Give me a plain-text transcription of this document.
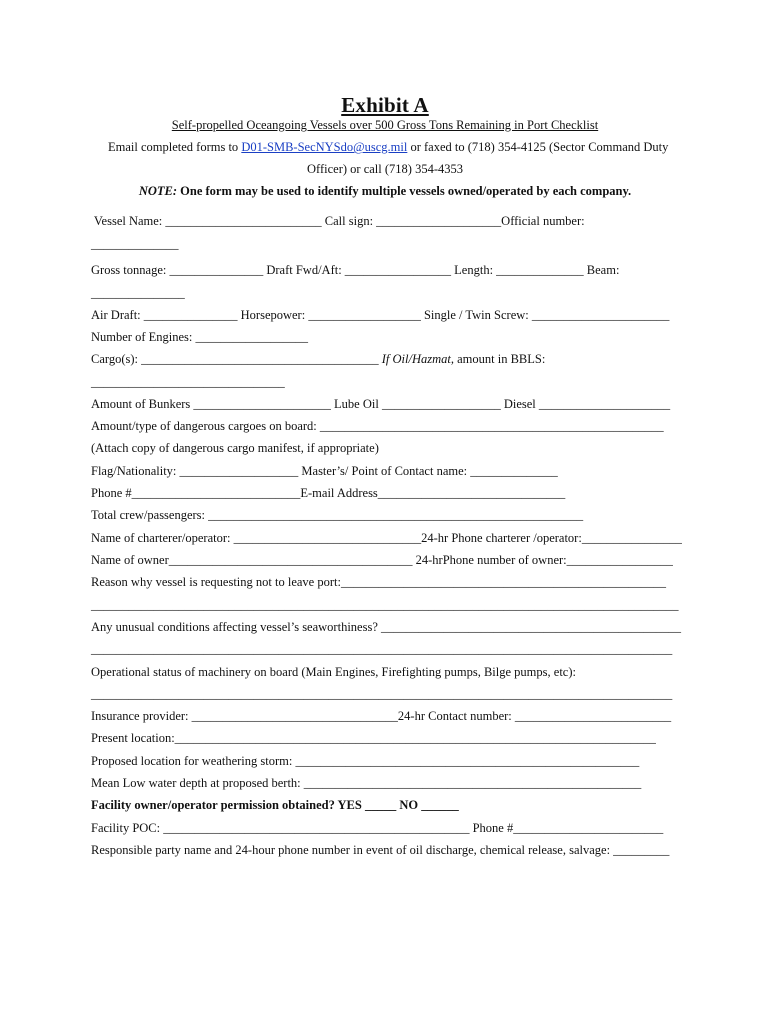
Exhibit A
Self-propelled Oceangoing Vessels over 500 Gross Tons Remaining in Port Checklist
Email completed forms to D01-SMB-SecNYSdo@uscg.mil or faxed to (718) 354-4125 (Sector Command Duty
Officer) or call (718) 354-4353
NOTE: One form may be used to identify multiple vessels owned/operated by each company.
Vessel Name: _________________________ Call sign: ____________________Official number:
______________
Gross tonnage: _______________ Draft Fwd/Aft: _________________ Length: ______________ Beam:
_______________
Air Draft: _______________ Horsepower: __________________ Single / Twin Screw: ______________________
Number of Engines: __________________
Cargo(s): ______________________________________ If Oil/Hazmat, amount in BBLS:
_______________________________
Amount of Bunkers ______________________ Lube Oil ___________________ Diesel _____________________
Amount/type of dangerous cargoes on board: _______________________________________________________
(Attach copy of dangerous cargo manifest, if appropriate)
Flag/Nationality: ___________________ Master’s/ Point of Contact name: ______________
Phone #___________________________E-mail Address______________________________
Total crew/passengers: ____________________________________________________________
Name of charterer/operator: ______________________________24-hr Phone charterer /operator:________________
Name of owner_______________________________________ 24-hrPhone number of owner:_________________
Reason why vessel is requesting not to leave port:____________________________________________________
______________________________________________________________________________________________
Any unusual conditions affecting vessel’s seaworthiness? ________________________________________________
_____________________________________________________________________________________________
Operational status of machinery on board (Main Engines, Firefighting pumps, Bilge pumps, etc):
_____________________________________________________________________________________________
Insurance provider: _________________________________24-hr Contact number: _________________________
Present location:_____________________________________________________________________________
Proposed location for weathering storm: _______________________________________________________
Mean Low water depth at proposed berth: ______________________________________________________
Facility owner/operator permission obtained? YES _____ NO ______
Facility POC: _________________________________________________ Phone #________________________
Responsible party name and 24-hour phone number in event of oil discharge, chemical release, salvage: _________
